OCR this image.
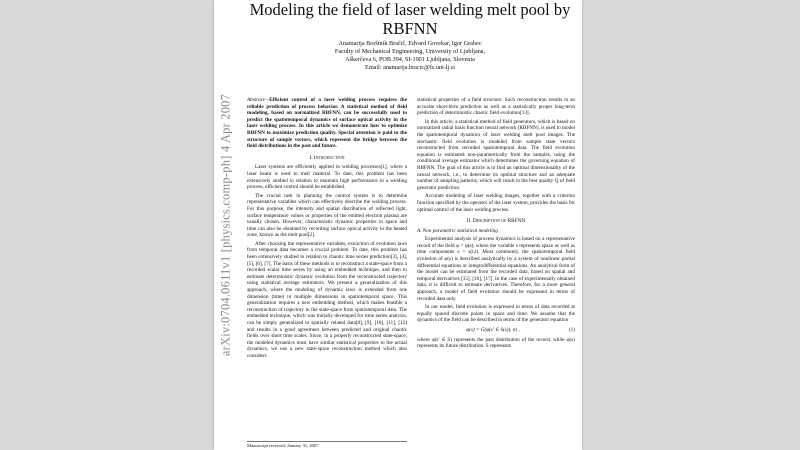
Modeling the field of laser welding melt pool by
RBFNN
Anamarija Borštnik Bračič, Edvard Govekar, Igor Grabec
Faculty of Mechanical Engineering, University of Ljubljana,
Aškerčeva 6, POB 394, SI-1001 Ljubljana, Slovenia
Email: anamarija.bracic@fs.uni-lj.si
Abstract—Efficient control of a laser welding process requires the reliable prediction of process behavior. A statistical method of field modeling, based on normalized RBFNN, can be successfully used to predict the spatiotemporal dynamics of surface optical activity in the laser welding process. In this article we demonstrate how to optimize RBFNN to maximize prediction quality. Special attention is paid to the structure of sample vectors, which represent the bridge between the field distributions in the past and future.
I. Introduction

Laser systems are efficiently applied in welding processes[1], where a laser beam is used to melt material. To date, this problem has been extensively studied in relation to maintain high performance in a welding process, efficient control should be established.

The crucial task in planning the control system is to determine representative variables which can effectively describe the welding process. For this purpose, the intensity and spatial distribution of reflected light, surface temperature values or properties of the emitted electron plasma are usually chosen. However, characteristic dynamic properties in space and time can also be obtained by recording surface optical activity in the heated zone, known as the melt pool[2].

After choosing the representative variables, extraction of evolution laws from temporal data becomes a crucial problem. To date, this problem has been extensively studied in relation to chaotic time series prediction[3], [4], [5], [6], [7]. The basis of these methods is to reconstruct a state-space from a recorded scalar time series by using an embedded technique, and then to estimate deterministic dynamic evolution from the reconstructed trajectory using statistical average estimators. We present a generalization of this approach, where the modeling of dynamic laws is extended from one dimension (time) to multiple dimensions in spatiotemporal space. This generalization requires a new embedding method, which makes feasible a reconstruction of trajectory in the state-space from spatiotemporal data. The embedded technique, which was initially developed for time series analysis, can be simply generalized to spatially related data[8], [9], [10], [11], [12] and results in a good agreement between predicted and original chaotic fields over short time scales. Since, in a properly reconstructed state-space, the modeled dynamics must have similar statistical properties to the actual dynamics, we use a new state-space reconstruction method which also considers

statistical properties of a field structure. Such reconstruction results in an accurate short-term prediction as well as a statistically proper long-term prediction of deterministic chaotic field evolution[13].

In this article, a statistical method of field generators, which is based on normalized radial basis function neural network (RBFNN), is used to model the spatiotemporal dynamics of laser welding melt pool images. The stochastic field evolution is modeled from sample state vectors reconstructed from recorded spatiotemporal data. The field evolution equation is estimated non-parametrically from the samples, using the conditional average estimator which determines the governing equation of RBFNN. The goal of this article is to find an optimal dimensionality of the neural network, i.e., to determine its optimal structure and an adequate number of sampling patterns, which will result in the best quality Q of field generator prediction.

Accurate modeling of laser welding images, together with a criterion function specified by the operator of the laser system, provides the basis for optimal control of the laser welding process.

II. Description of RBFNN
A. Non parametric statistical modeling

Experimental analysis of process dynamics is based on a representative record of the field φ = φ(s), where the variable s represents space as well as time components s = s(r,t). Most commonly, the spatiotemporal field evolution of φ(s) is described analytically by a system of nonlinear partial differential equations or integrodifferential equations. An analytical form of the model can be estimated from the recorded data, based on spatial and temporal derivatives [15], [16], [17]. In the case of experimentally obtained data, it is difficult to estimate derivatives. Therefore, for a more general approach, a model of field evolution should be expressed in terms of recorded data only.

In our model, field evolution is expressed in terms of data recorded at equally spaced discrete points in space and time. We assume that the dynamics of the field can be described in terms of the generator equation

φ(s) = G(φ(s′ ∈ S(s)), σ) ,	(1)

where φ(s′ ∈ S) represents the past distribution of the record, while φ(s) represents its future distribution. S represents

Manuscript received: January 31, 2007
arXiv:0704.0611v1 [physics.comp-ph] 4 Apr 2007
